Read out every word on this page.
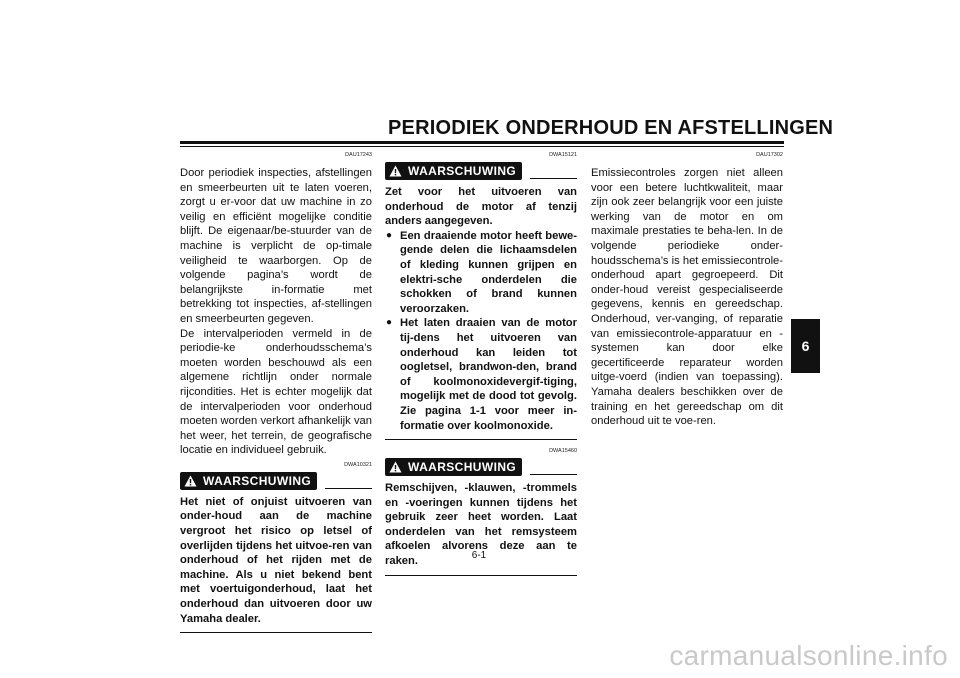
PERIODIEK ONDERHOUD EN AFSTELLINGEN
DAU17243

Door periodiek inspecties, afstellingen en smeerbeurten uit te laten voeren, zorgt u er-voor dat uw machine in zo veilig en efficiënt mogelijke conditie blijft. De eigenaar/be-stuurder van de machine is verplicht de op-timale veiligheid te waarborgen. Op de volgende pagina’s wordt de belangrijkste in-formatie met betrekking tot inspecties, af-stellingen en smeerbeurten gegeven.

De intervalperioden vermeld in de periodie-ke onderhoudsschema’s moeten worden beschouwd als een algemene richtlijn onder normale rijcondities. Het is echter mogelijk dat de intervalperioden voor onderhoud moeten worden verkort afhankelijk van het weer, het terrein, de geografische locatie en individueel gebruik.

DWA10321
WAARSCHUWING
Het niet of onjuist uitvoeren van onder-houd aan de machine vergroot het risico op letsel of overlijden tijdens het uitvoe-ren van onderhoud of het rijden met de machine. Als u niet bekend bent met voertuigonderhoud, laat het onderhoud dan uitvoeren door uw Yamaha dealer.
DWA15121
WAARSCHUWING
Zet voor het uitvoeren van onderhoud de motor af tenzij anders aangegeven.
● Een draaiende motor heeft bewe-gende delen die lichaamsdelen of kleding kunnen grijpen en elektri-sche onderdelen die schokken of brand kunnen veroorzaken.
● Het laten draaien van de motor tij-dens het uitvoeren van onderhoud kan leiden tot oogletsel, brandwon-den, brand of koolmonoxidevergif-tiging, mogelijk met de dood tot gevolg. Zie pagina 1-1 voor meer in-formatie over koolmonoxide.
DWA15460
WAARSCHUWING
Remschijven, -klauwen, -trommels en -voeringen kunnen tijdens het gebruik zeer heet worden. Laat onderdelen van het remsysteem afkoelen alvorens deze aan te raken.
DAU17302

Emissiecontroles zorgen niet alleen voor een betere luchtkwaliteit, maar zijn ook zeer belangrijk voor een juiste werking van de motor en om maximale prestaties te beha-len. In de volgende periodieke onder-houdsschema’s is het emissiecontrole-onderhoud apart gegroepeerd. Dit onder-houd vereist gespecialiseerde gegevens, kennis en gereedschap. Onderhoud, ver-vanging, of reparatie van emissiecontrole-apparatuur en -systemen kan door elke gecertificeerde reparateur worden uitge-voerd (indien van toepassing). Yamaha dealers beschikken over de training en het gereedschap om dit onderhoud uit te voe-ren.

6
6-1
carmanualsonline.info
